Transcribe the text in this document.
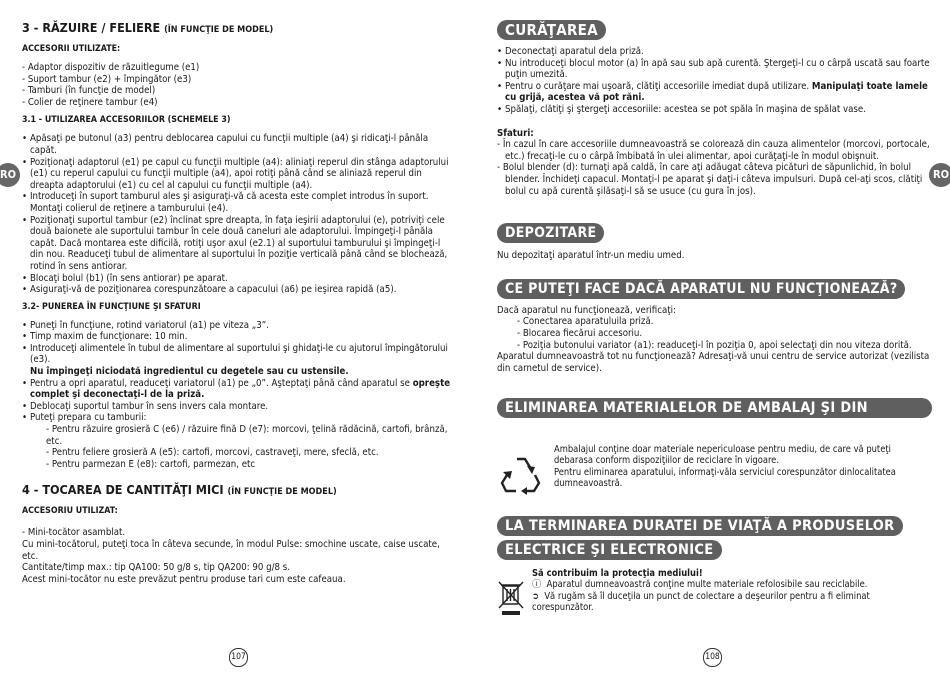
3 - RĂZUIRE / FELIERE (ÎN FUNCŢIE DE MODEL)
ACCESORII UTILIZATE:

- Adaptor dispozitiv de răzuitlegume (e1)

- Suport tambur (e2) + împingător (e3)

- Tamburi (în funcţie de model)

- Colier de reţinere tambur (e4)

3.1 - UTILIZAREA ACCESORIILOR (SCHEMELE 3)
• Apăsaţi pe butonul (a3) pentru deblocarea capului cu funcţii multiple (a4) şi ridicaţi-l pânăla capăt.
• Poziţionaţi adaptorul (e1) pe capul cu funcţii multiple (a4): aliniaţi reperul din stânga adaptorului (e1) cu reperul capului cu funcţii multiple (a4), apoi rotiţi până când se aliniază reperul din dreapta adaptorului (e1) cu cel al capului cu funcţii multiple (a4).
• Introduceţi în suport tamburul ales şi asiguraţi-vă că acesta este complet introdus în suport. Montaţi colierul de reţinere a tamburului (e4).
• Poziţionaţi suportul tambur (e2) înclinat spre dreapta, în faţa ieşirii adaptorului (e), potriviţi cele două baionete ale suportului tambur în cele două caneluri ale adaptorului. Împingeţi-l pânăla capăt. Dacă montarea este dificilă, rotiţi uşor axul (e2.1) al suportului tamburului şi împingeţi-l din nou. Readuceţi tubul de alimentare al suportului în poziţie verticală până când se blochează, rotind în sens antiorar.
• Blocaţi bolul (b1) (în sens antiorar) pe aparat.
• Asiguraţi-vă de poziţionarea corespunzătoare a capacului (a6) pe ieşirea rapidă (a5).
3.2- PUNEREA ÎN FUNCŢIUNE ŞI SFATURI
• Puneţi în funcţiune, rotind variatorul (a1) pe viteza „3”.
• Timp maxim de funcţionare: 10 min.
• Introduceţi alimentele în tubul de alimentare al suportului şi ghidaţi-le cu ajutorul împingătorului (e3).
Nu împingeţi niciodată ingredientul cu degetele sau cu ustensile.
• Pentru a opri aparatul, readuceţi variatorul (a1) pe „0”. Aşteptaţi până când aparatul se opreşte complet şi deconectaţi-l de la priză.
• Deblocaţi suportul tambur în sens invers cala montare.
• Puteţi prepara cu tamburii:

- Pentru răzuire grosieră C (e6) / răzuire fină D (e7): morcovi, ţelină rădăcină, cartofi, brânză, etc.

- Pentru feliere grosieră A (e5): cartofi, morcovi, castraveţi, mere, sfeclă, etc.

- Pentru parmezan E (e8): cartofi, parmezan, etc

4 - TOCAREA DE CANTITĂŢI MICI (ÎN FUNCŢIE DE MODEL)
ACCESORIU UTILIZAT:

- Mini-tocător asamblat.

Cu mini-tocătorul, puteţi toca în câteva secunde, în modul Pulse: smochine uscate, caise uscate, etc.

Cantitate/timp max.: tip QA100: 50 g/8 s, tip QA200: 90 g/8 s.

Acest mini-tocător nu este prevăzut pentru produse tari cum este cafeaua.

107
CURĂŢAREA
• Deconectaţi aparatul dela priză.
• Nu introduceţi blocul motor (a) în apă sau sub apă curentă. Ştergeţi-l cu o cârpă uscată sau foarte puţin umezită.
• Pentru o curăţare mai uşoară, clătiţi accesoriile imediat după utilizare. Manipulaţi toate lamele cu grijă, acestea vă pot răni.
• Spălaţi, clătiţi şi ştergeţi accesoriile: acestea se pot spăla în maşina de spălat vase.

Sfaturi:

- În cazul în care accesoriile dumneavoastră se colorează din cauza alimentelor (morcovi, portocale, etc.) frecaţi-le cu o cârpă îmbibată în ulei alimentar, apoi curăţaţi-le în modul obişnuit.

- Bolul blender (d): turnaţi apă caldă, în care aţi adăugat câteva picături de săpunlichid, în bolul blender. Închideţi capacul. Montaţi-l pe aparat şi daţi-i câteva impulsuri. După cel-aţi scos, clătiţi bolul cu apă curentă şilăsaţi-l să se usuce (cu gura în jos).

DEPOZITARE

Nu depozitaţi aparatul într-un mediu umed.

CE PUTEŢI FACE DACĂ APARATUL NU FUNCŢIONEAZĂ?

Dacă aparatul nu funcţionează, verificaţi:

- Conectarea aparatuluila priză.

- Blocarea fiecărui accesoriu.

- Poziţia butonului variator (a1): readuceţi-l în poziţia 0, apoi selectaţi din nou viteza dorită.

Aparatul dumneavoastră tot nu funcţionează? Adresaţi-vă unui centru de service autorizat (vezilista din carnetul de service).

ELIMINAREA MATERIALELOR DE AMBALAJ ŞI DIN APARAT

Ambalajul conţine doar materiale nepericuloase pentru mediu, de care vă puteţi debarasa conform dispoziţiilor de reciclare în vigoare.

Pentru eliminarea aparatului, informaţi-văla serviciul corespunzător dinlocalitatea dumneavoastră.

LA TERMINAREA DURATEI DE VIAŢĂ A PRODUSELOR
ELECTRICE ŞI ELECTRONICE

Să contribuim la protecţia mediului!

ⓘ Aparatul dumneavoastră conţine multe materiale refolosibile sau reciclabile.

➲ Vă rugăm să îl duceţila un punct de colectare a deşeurilor pentru a fi eliminat corespunzător.

108
RO	RO
